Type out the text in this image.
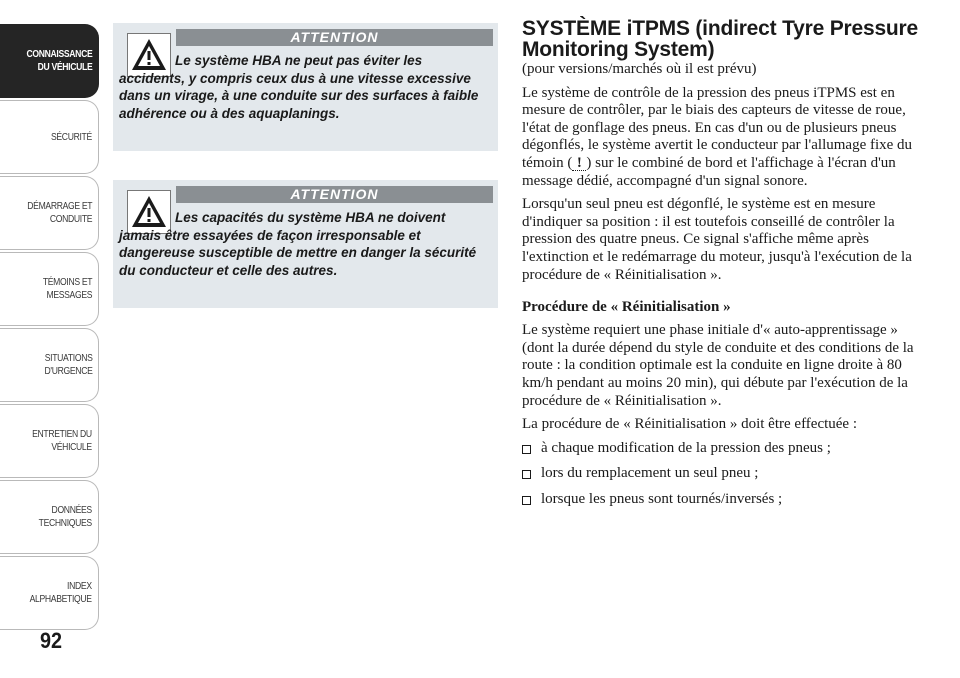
CONNAISSANCE
DU VÉHICULE
SÉCURITÉ
DÉMARRAGE ET
CONDUITE
TÉMOINS ET
MESSAGES
SITUATIONS
D'URGENCE
ENTRETIEN DU
VÉHICULE
DONNÉES
TECHNIQUES
INDEX
ALPHABETIQUE
92
ATTENTION
Le système HBA ne peut pas éviter les accidents, y compris ceux dus à une vitesse excessive dans un virage, à une conduite sur des surfaces à faible adhérence ou à des aquaplanings.
ATTENTION
Les capacités du système HBA ne doivent jamais être essayées de façon irresponsable et dangereuse susceptible de mettre en danger la sécurité du conducteur et celle des autres.
SYSTÈME iTPMS (indirect Tyre Pressure Monitoring System)
(pour versions/marchés où il est prévu)

Le système de contrôle de la pression des pneus iTPMS est en mesure de contrôler, par le biais des capteurs de vitesse de roue, l'état de gonflage des pneus. En cas d'un ou de plusieurs pneus dégonflés, le système avertit le conducteur par l'allumage fixe du témoin ( ! ) sur le combiné de bord et l'affichage à l'écran d'un message dédié, accompagné d'un signal sonore.

Lorsqu'un seul pneu est dégonflé, le système est en mesure d'indiquer sa position : il est toutefois conseillé de contrôler la pression des quatre pneus. Ce signal s'affiche même après l'extinction et le redémarrage du moteur, jusqu'à l'exécution de la procédure de « Réinitialisation ».

Procédure de « Réinitialisation »

Le système requiert une phase initiale d'« auto-apprentissage » (dont la durée dépend du style de conduite et des conditions de la route : la condition optimale est la conduite en ligne droite à 80 km/h pendant au moins 20 min), qui débute par l'exécution de la procédure de « Réinitialisation ».

La procédure de « Réinitialisation » doit être effectuée :

à chaque modification de la pression des pneus ;
lors du remplacement un seul pneu ;
lorsque les pneus sont tournés/inversés ;
